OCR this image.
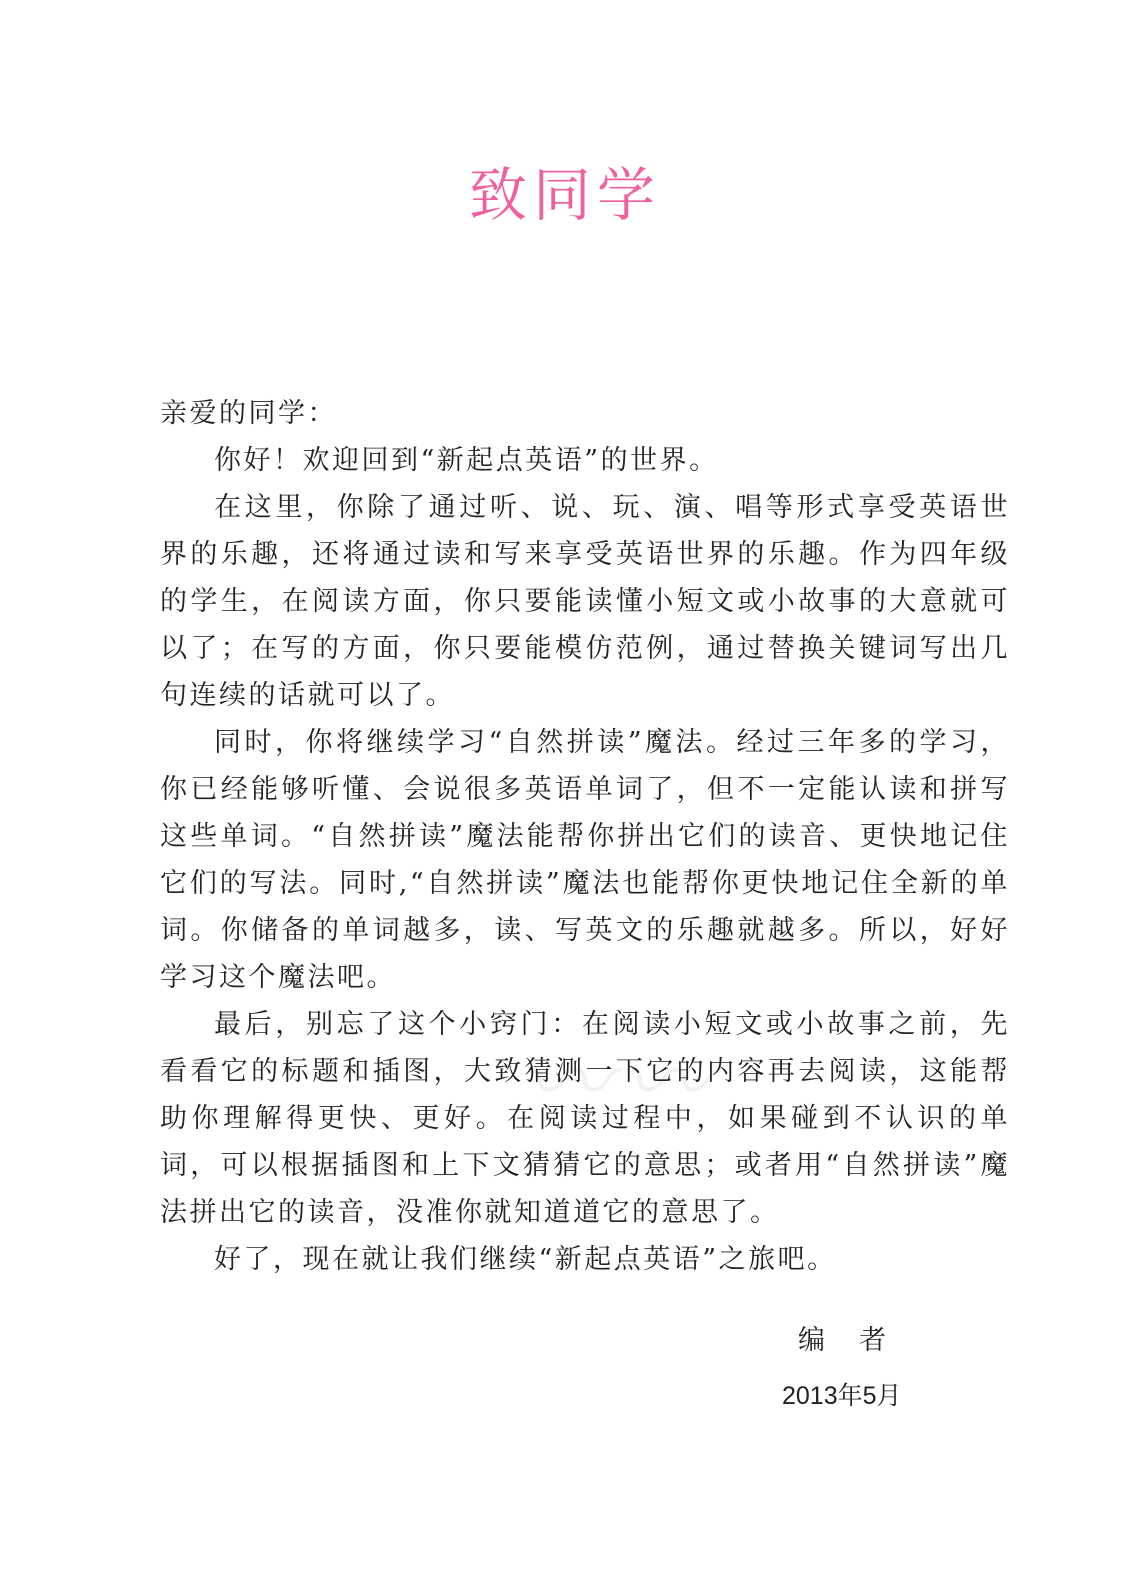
致同学
〰〰

亲爱的同学：

你好！欢迎回到“新起点英语”的世界。

在这里，你除了通过听、说、玩、演、唱等形式享受英语世界的乐趣，还将通过读和写来享受英语世界的乐趣。作为四年级的学生，在阅读方面，你只要能读懂小短文或小故事的大意就可以了；在写的方面，你只要能模仿范例，通过替换关键词写出几句连续的话就可以了。

同时，你将继续学习“自然拼读”魔法。经过三年多的学习，你已经能够听懂、会说很多英语单词了，但不一定能认读和拼写这些单词。“自然拼读”魔法能帮你拼出它们的读音、更快地记住它们的写法。同时,“自然拼读”魔法也能帮你更快地记住全新的单词。你储备的单词越多，读、写英文的乐趣就越多。所以，好好学习这个魔法吧。

最后，别忘了这个小窍门：在阅读小短文或小故事之前，先看看它的标题和插图，大致猜测一下它的内容再去阅读，这能帮助你理解得更快、更好。在阅读过程中，如果碰到不认识的单词，可以根据插图和上下文猜猜它的意思；或者用“自然拼读”魔法拼出它的读音，没准你就知道道它的意思了。

好了，现在就让我们继续“新起点英语”之旅吧。

编者
2013年5月
